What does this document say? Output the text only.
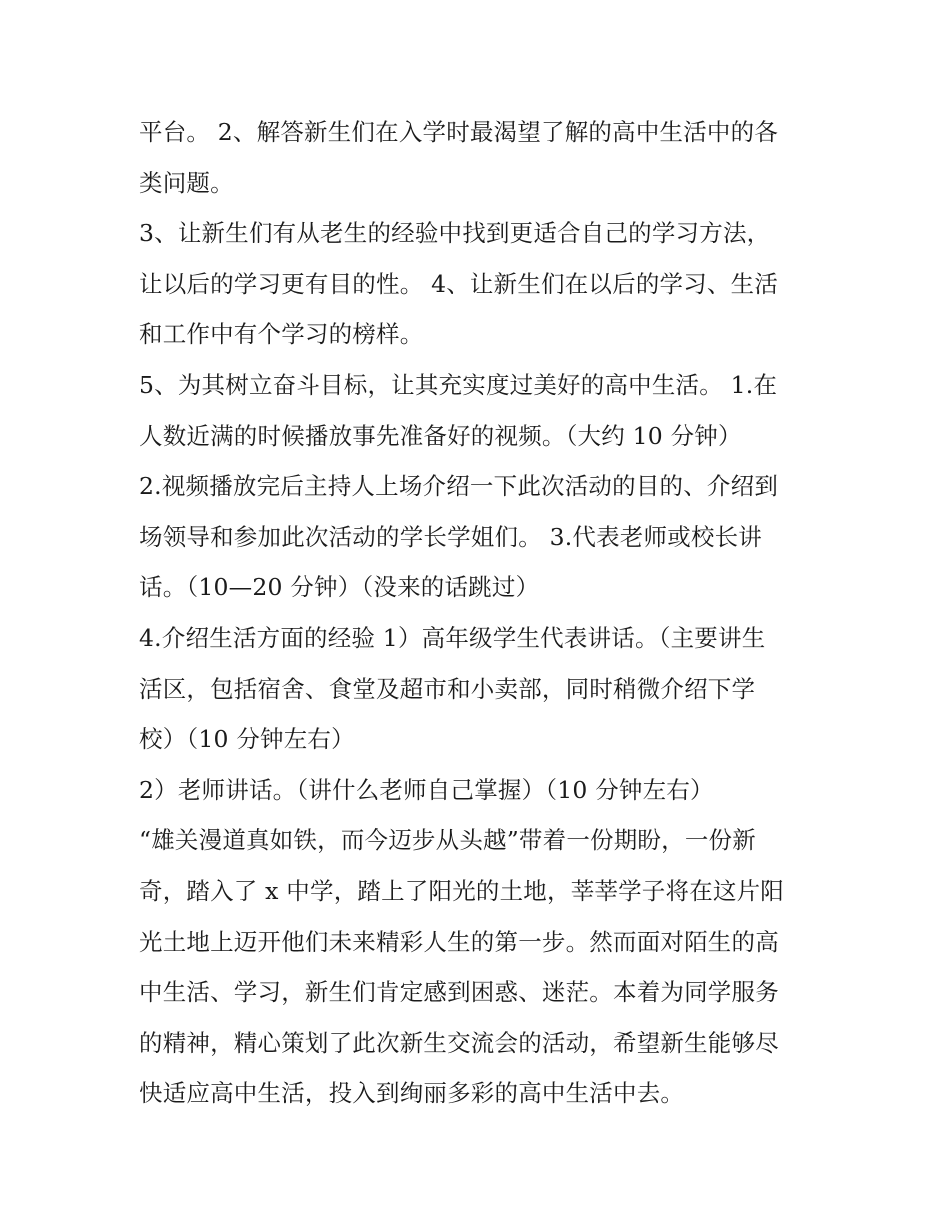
平台。 2、解答新生们在入学时最渴望了解的高中生活中的各
类问题。
3、让新生们有从老生的经验中找到更适合自己的学习方法，
让以后的学习更有目的性。 4、让新生们在以后的学习、生活
和工作中有个学习的榜样。
5、为其树立奋斗目标，让其充实度过美好的高中生活。 1.在
人数近满的时候播放事先准备好的视频。（大约 10 分钟）
2.视频播放完后主持人上场介绍一下此次活动的目的、介绍到
场领导和参加此次活动的学长学姐们。 3.代表老师或校长讲
话。（10—20 分钟）（没来的话跳过）
4.介绍生活方面的经验 1）高年级学生代表讲话。（主要讲生
活区，包括宿舍、食堂及超市和小卖部，同时稍微介绍下学
校）（10 分钟左右）
2）老师讲话。（讲什么老师自己掌握）（10 分钟左右）
“雄关漫道真如铁，而今迈步从头越”带着一份期盼，一份新
奇，踏入了 x 中学，踏上了阳光的土地，莘莘学子将在这片阳
光土地上迈开他们未来精彩人生的第一步。然而面对陌生的高
中生活、学习，新生们肯定感到困惑、迷茫。本着为同学服务
的精神，精心策划了此次新生交流会的活动，希望新生能够尽
快适应高中生活，投入到绚丽多彩的高中生活中去。
